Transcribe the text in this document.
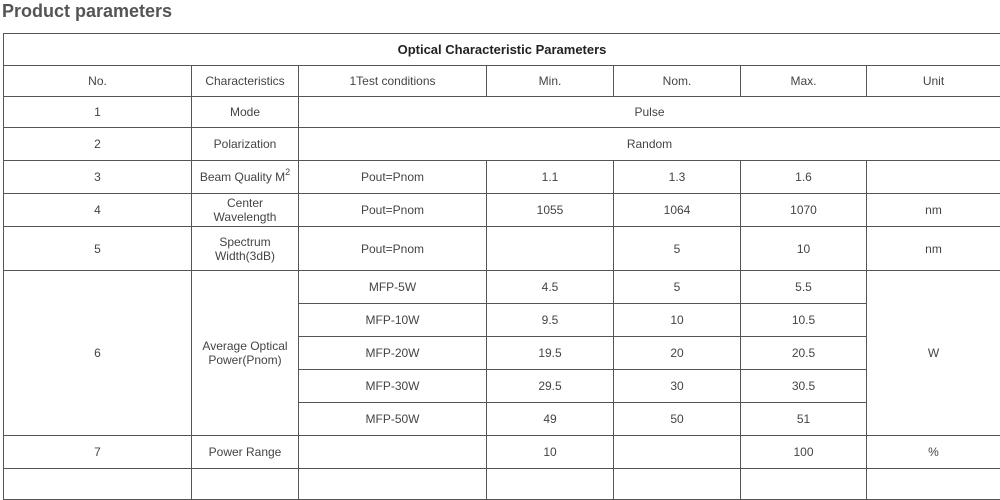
Product parameters
Optical Characteristic Parameters						
No.	Characteristics	1Test conditions	Min.	Nom.	Max.	Unit
1	Mode	Pulse				
2	Polarization	Random				
3	Beam Quality $M^2$	Pout=Pnom	1.1	1.3	1.6	
4	Center Wavelength	Pout=Pnom	1055	1064	1070	nm
5	Spectrum Width(3dB)	Pout=Pnom		5	10	nm
6	Average Optical Power(Pnom)	MFP-5W	4.5	5	5.5	W
		MFP-10W	9.5	10	10.5	
		MFP-20W	19.5	20	20.5	
		MFP-30W	29.5	30	30.5	
		MFP-50W	49	50	51	
7	Power Range		10		100	%
